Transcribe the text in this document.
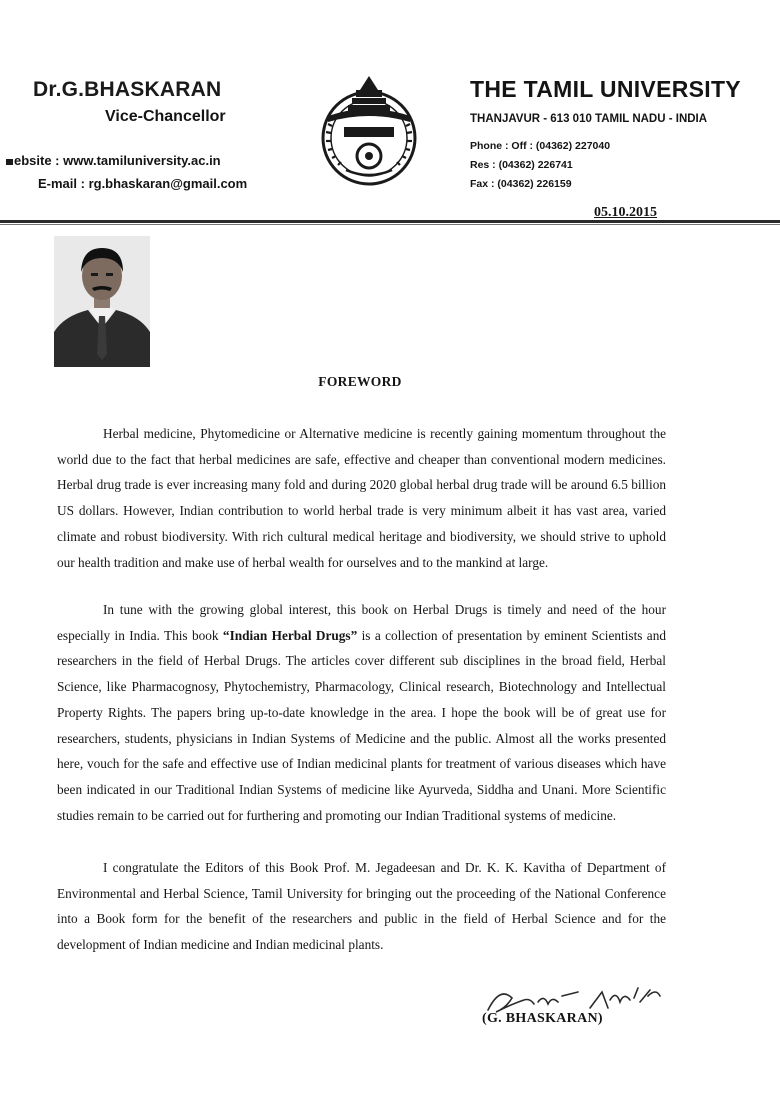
Dr.G.BHASKARAN
Vice-Chancellor
ebsite : www.tamiluniversity.ac.in
E-mail : rg.bhaskaran@gmail.com
THE TAMIL UNIVERSITY
THANJAVUR - 613 010 TAMIL NADU - INDIA
Phone : Off : (04362) 227040
Res : (04362) 226741
Fax : (04362) 226159
05.10.2015
FOREWORD
Herbal medicine, Phytomedicine or Alternative medicine is recently gaining momentum throughout the world due to the fact that herbal medicines are safe, effective and cheaper than conventional modern medicines. Herbal drug trade is ever increasing many fold and during 2020 global herbal drug trade will be around 6.5 billion US dollars. However, Indian contribution to world herbal trade is very minimum albeit it has vast area, varied climate and robust biodiversity. With rich cultural medical heritage and biodiversity, we should strive to uphold our health tradition and make use of herbal wealth for ourselves and to the mankind at large.
In tune with the growing global interest, this book on Herbal Drugs is timely and need of the hour especially in India. This book “Indian Herbal Drugs” is a collection of presentation by eminent Scientists and researchers in the field of Herbal Drugs. The articles cover different sub disciplines in the broad field, Herbal Science, like Pharmacognosy, Phytochemistry, Pharmacology, Clinical research, Biotechnology and Intellectual Property Rights. The papers bring up-to-date knowledge in the area. I hope the book will be of great use for researchers, students, physicians in Indian Systems of Medicine and the public. Almost all the works presented here, vouch for the safe and effective use of Indian medicinal plants for treatment of various diseases which have been indicated in our Traditional Indian Systems of medicine like Ayurveda, Siddha and Unani. More Scientific studies remain to be carried out for furthering and promoting our Indian Traditional systems of medicine.
I congratulate the Editors of this Book Prof. M. Jegadeesan and Dr. K. K. Kavitha of Department of Environmental and Herbal Science, Tamil University for bringing out the proceeding of the National Conference into a Book form for the benefit of the researchers and public in the field of Herbal Science and for the development of Indian medicine and Indian medicinal plants.
(G. BHASKARAN)
